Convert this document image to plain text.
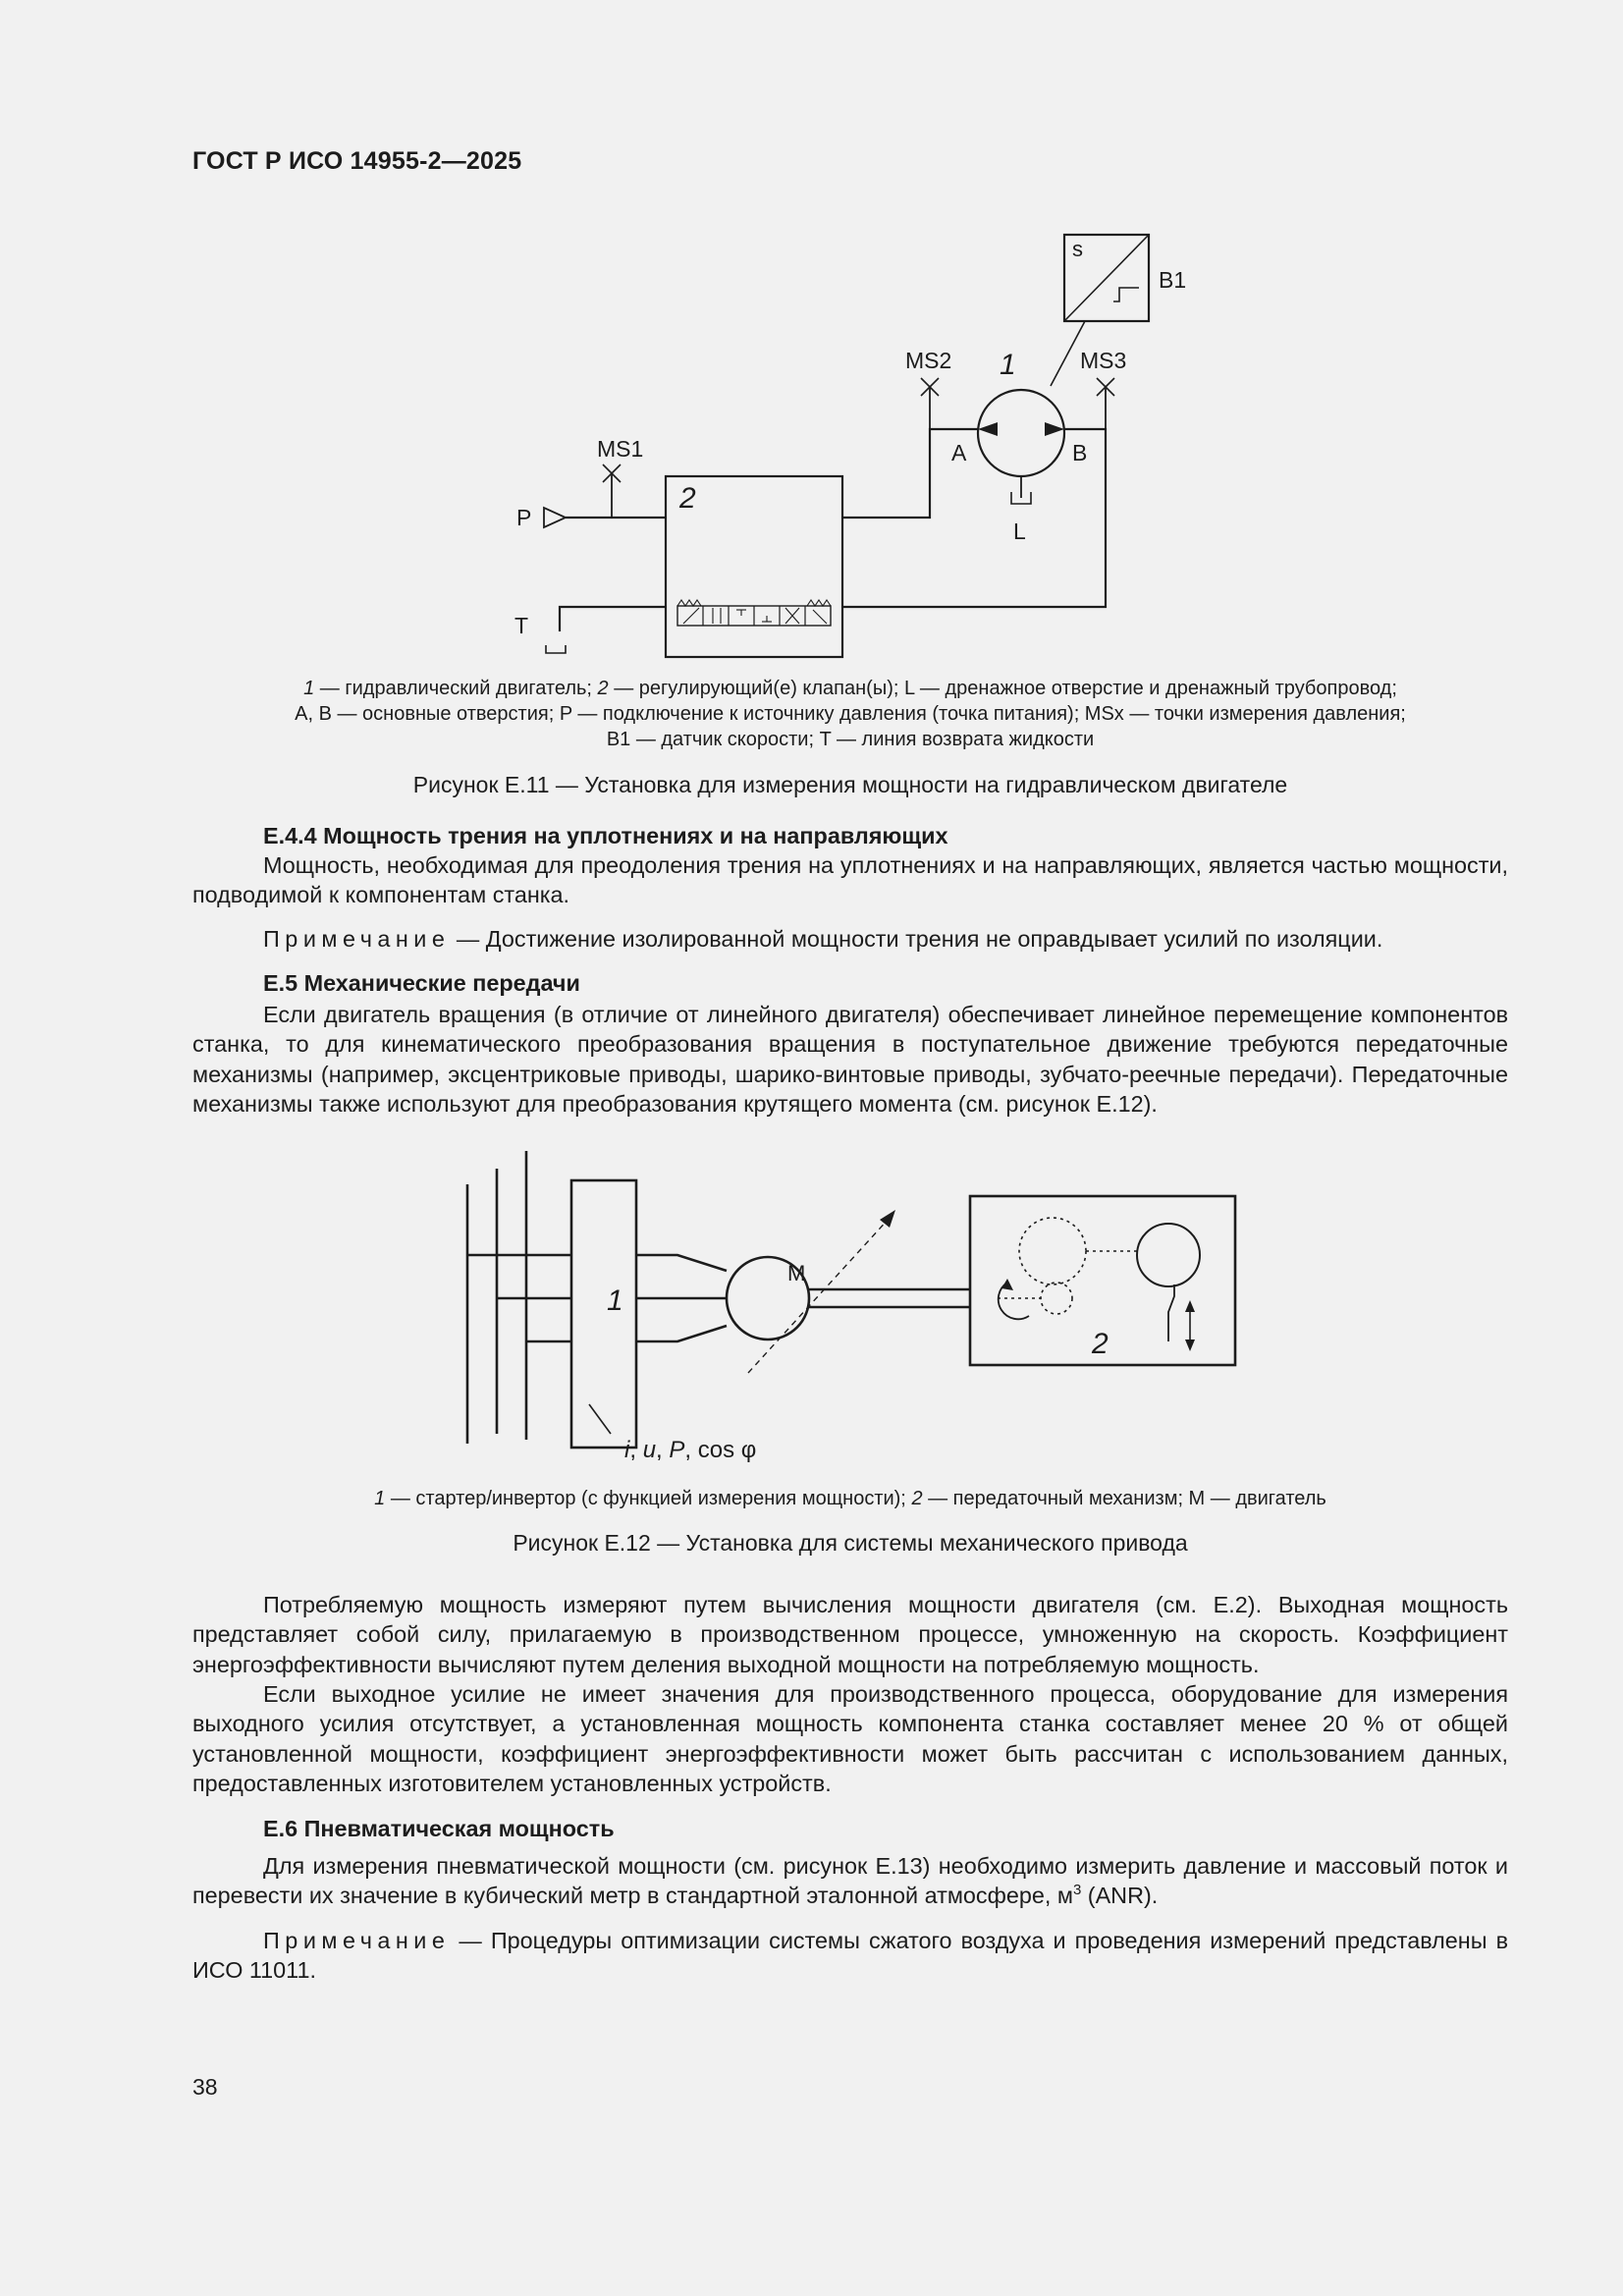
ГОСТ Р ИСО 14955-2—2025
s
B1
MS2 1	MS3
A	B
L
MS1
2
P
T
1 — гидравлический двигатель; 2 — регулирующий(е) клапан(ы); L — дренажное отверстие и дренажный трубопровод;
A, B — основные отверстия; P — подключение к источнику давления (точка питания); MSx — точки измерения давления;
B1 — датчик скорости; T — линия возврата жидкости
Рисунок E.11 — Установка для измерения мощности на гидравлическом двигателе
E.4.4 Мощность трения на уплотнениях и на направляющих
Мощность, необходимая для преодоления трения на уплотнениях и на направляющих, является частью мощности, подводимой к компонентам станка.
Примечание — Достижение изолированной мощности трения не оправдывает усилий по изоляции.
E.5 Механические передачи
Если двигатель вращения (в отличие от линейного двигателя) обеспечивает линейное перемещение компонентов станка, то для кинематического преобразования вращения в поступательное движение требуются передаточные механизмы (например, эксцентриковые приводы, шарико-винтовые приводы, зубчато-реечные передачи). Передаточные механизмы также используют для преобразования крутящего момента (см. рисунок E.12).
1
M
2
i, u, P, cos φ
1 — стартер/инвертор (с функцией измерения мощности); 2 — передаточный механизм; M — двигатель
Рисунок E.12 — Установка для системы механического привода
Потребляемую мощность измеряют путем вычисления мощности двигателя (см. E.2). Выходная мощность представляет собой силу, прилагаемую в производственном процессе, умноженную на скорость. Коэффициент энергоэффективности вычисляют путем деления выходной мощности на потребляемую мощность.
Если выходное усилие не имеет значения для производственного процесса, оборудование для измерения выходного усилия отсутствует, а установленная мощность компонента станка составляет менее 20 % от общей установленной мощности, коэффициент энергоэффективности может быть рассчитан с использованием данных, предоставленных изготовителем установленных устройств.
E.6 Пневматическая мощность
Для измерения пневматической мощности (см. рисунок E.13) необходимо измерить давление и массовый поток и перевести их значение в кубический метр в стандартной эталонной атмосфере, $м^3$ (ANR).
Примечание — Процедуры оптимизации системы сжатого воздуха и проведения измерений представлены в ИСО 11011.
38
